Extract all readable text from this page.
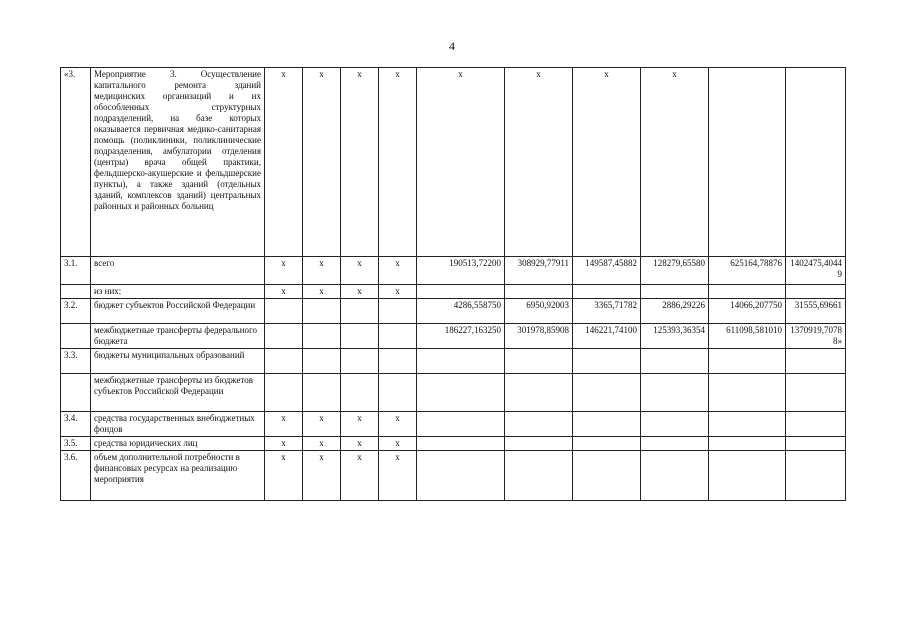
4
«3.	Мероприятие 3. Осуществление капитального ремонта зданий медицинских организаций и их обособленных структурных подразделений, на базе которых оказывается первичная медико-санитарная помощь (поликлиники, поликлинические подразделения, амбулатории отделения (центры) врача общей практики, фельдшерско-акушерские и фельдшерские пункты), а также зданий (отдельных зданий, комплексов зданий) центральных районных и районных больниц	x	x	x	x	x	x	x	x		
3.1.	всего	x	x	x	x	190513,72200	308929,77911	149587,45882	128279,65580	625164,78876	1402475,40449
	из них:	x	x	x	x						
3.2.	бюджет субъектов Российской Федерации					4286,558750	6950,92003	3365,71782	2886,29226	14066,207750	31555,69661
	межбюджетные трансферты федерального бюджета					186227,163250	301978,85908	146221,74100	125393,36354	611098,581010	1370919,70788»
3.3.	бюджеты муниципальных образований										
	межбюджетные трансферты из бюджетов субъектов Российской Федерации										
3.4.	средства государственных внебюджетных фондов	x	x	x	x						
3.5.	средства юридических лиц	x	x	x	x						
3.6.	объем дополнительной потребности в финансовых ресурсах на реализацию мероприятия	x	x	x	x						
